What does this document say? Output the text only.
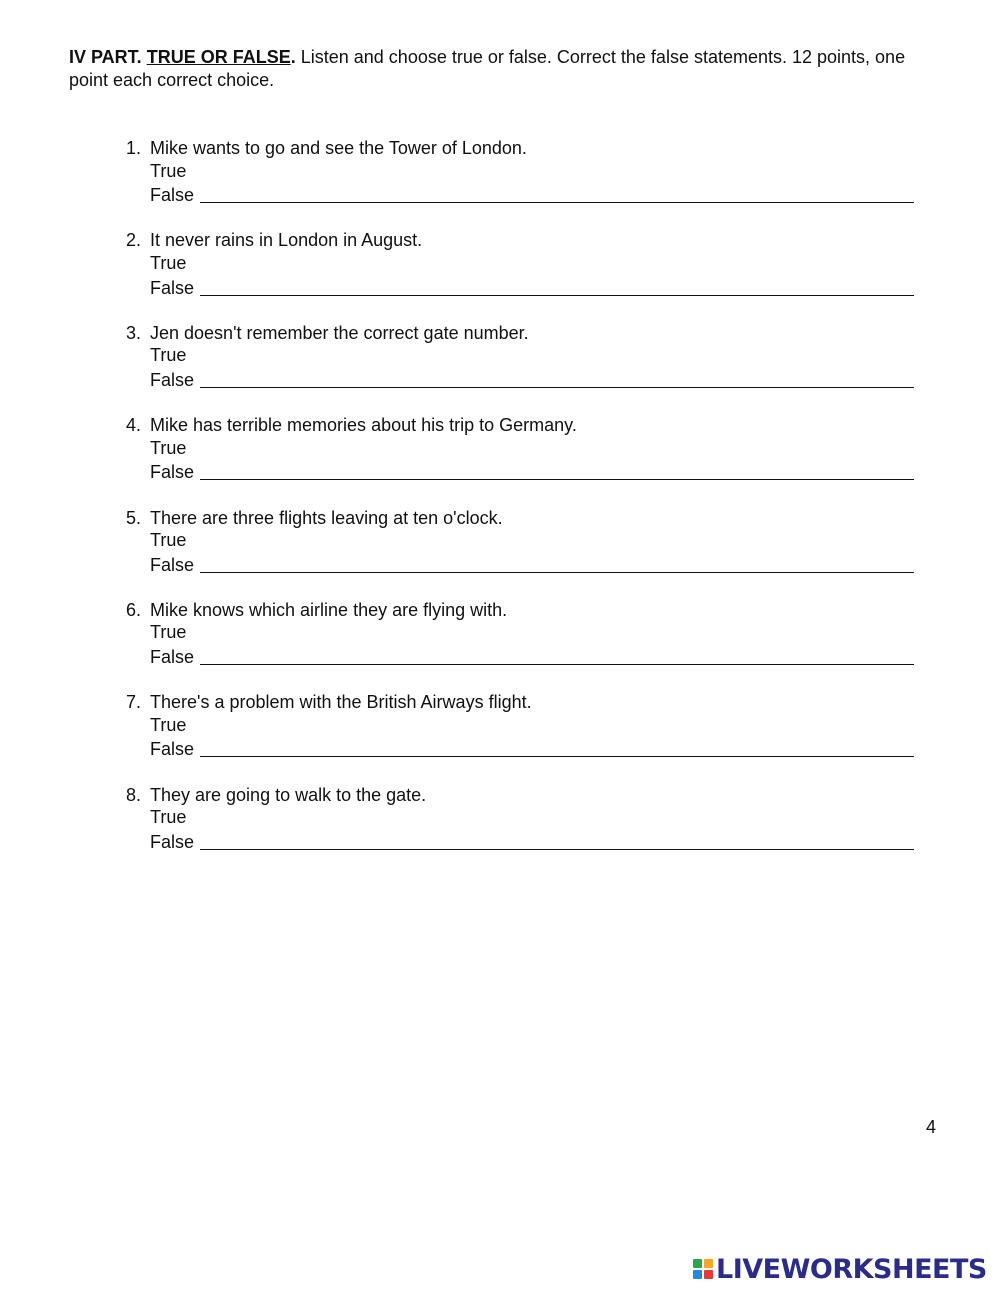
IV PART. TRUE OR FALSE. Listen and choose true or false. Correct the false statements. 12 points, one point each correct choice.
1. Mike wants to go and see the Tower of London.
True
False
2. It never rains in London in August.
True
False
3. Jen doesn't remember the correct gate number.
True
False
4. Mike has terrible memories about his trip to Germany.
True
False
5. There are three flights leaving at ten o'clock.
True
False
6. Mike knows which airline they are flying with.
True
False
7. There's a problem with the British Airways flight.
True
False
8. They are going to walk to the gate.
True
False
4
LIVEWORKSHEETS
